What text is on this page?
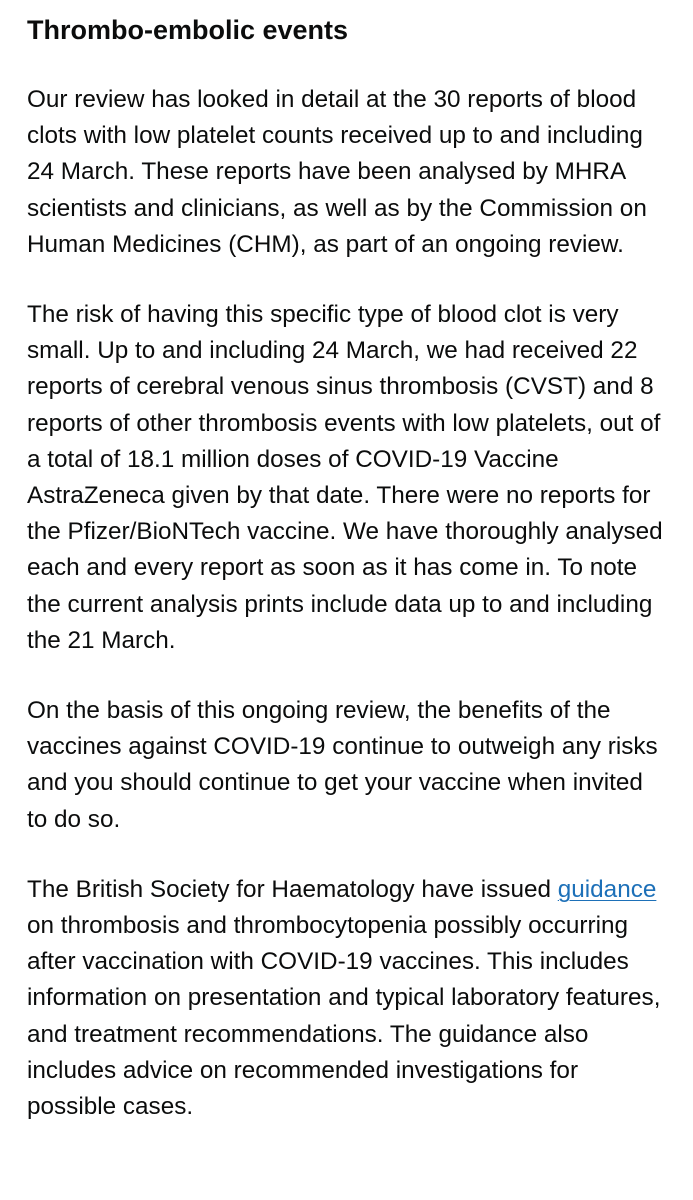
Thrombo-embolic events

Our review has looked in detail at the 30 reports of blood clots with low platelet counts received up to and including 24 March. These reports have been analysed by MHRA scientists and clinicians, as well as by the Commission on Human Medicines (CHM), as part of an ongoing review.

The risk of having this specific type of blood clot is very small. Up to and including 24 March, we had received 22 reports of cerebral venous sinus thrombosis (CVST) and 8 reports of other thrombosis events with low platelets, out of a total of 18.1 million doses of COVID-19 Vaccine AstraZeneca given by that date. There were no reports for the Pfizer/BioNTech vaccine. We have thoroughly analysed each and every report as soon as it has come in. To note the current analysis prints include data up to and including the 21 March.

On the basis of this ongoing review, the benefits of the vaccines against COVID-19 continue to outweigh any risks and you should continue to get your vaccine when invited to do so.

The British Society for Haematology have issued guidance on thrombosis and thrombocytopenia possibly occurring after vaccination with COVID-19 vaccines. This includes information on presentation and typical laboratory features, and treatment recommendations. The guidance also includes advice on recommended investigations for possible cases.
